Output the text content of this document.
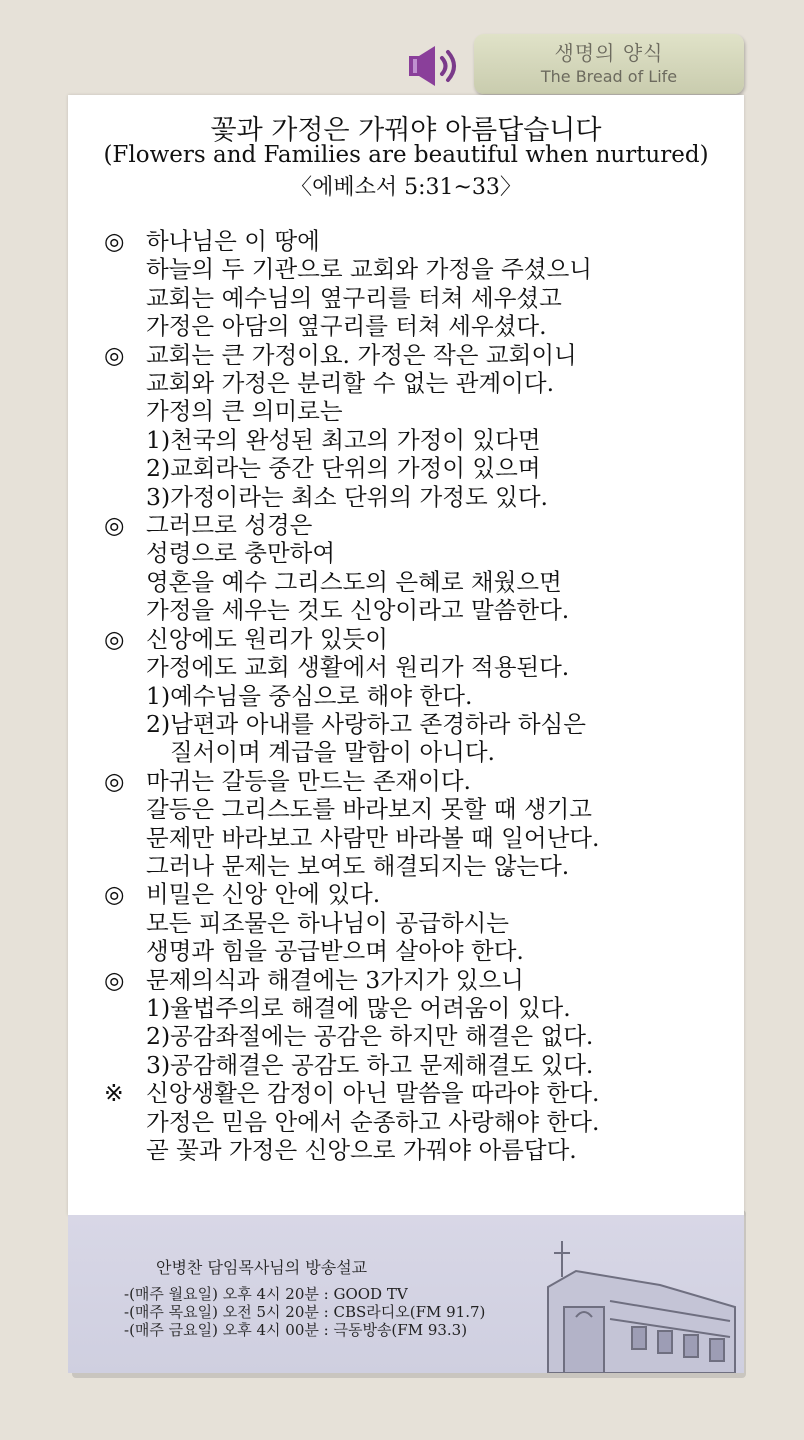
생명의 양식
The Bread of Life
꽃과 가정은 가꿔야 아름답습니다
(Flowers and Families are beautiful when nurtured)
〈에베소서 5:31~33〉
◎ 하나님은 이 땅에
하늘의 두 기관으로 교회와 가정을 주셨으니
교회는 예수님의 옆구리를 터쳐 세우셨고
가정은 아담의 옆구리를 터쳐 세우셨다.
◎ 교회는 큰 가정이요. 가정은 작은 교회이니
교회와 가정은 분리할 수 없는 관계이다.
가정의 큰 의미로는
1)천국의 완성된 최고의 가정이 있다면
2)교회라는 중간 단위의 가정이 있으며
3)가정이라는 최소 단위의 가정도 있다.
◎ 그러므로 성경은
성령으로 충만하여
영혼을 예수 그리스도의 은혜로 채웠으면
가정을 세우는 것도 신앙이라고 말씀한다.
◎ 신앙에도 원리가 있듯이
가정에도 교회 생활에서 원리가 적용된다.
1)예수님을 중심으로 해야 한다.
2)남편과 아내를 사랑하고 존경하라 하심은
질서이며 계급을 말함이 아니다.
◎ 마귀는 갈등을 만드는 존재이다.
갈등은 그리스도를 바라보지 못할 때 생기고
문제만 바라보고 사람만 바라볼 때 일어난다.
그러나 문제는 보여도 해결되지는 않는다.
◎ 비밀은 신앙 안에 있다.
모든 피조물은 하나님이 공급하시는
생명과 힘을 공급받으며 살아야 한다.
◎ 문제의식과 해결에는 3가지가 있으니
1)율법주의로 해결에 많은 어려움이 있다.
2)공감좌절에는 공감은 하지만 해결은 없다.
3)공감해결은 공감도 하고 문제해결도 있다.
※ 신앙생활은 감정이 아닌 말씀을 따라야 한다.
가정은 믿음 안에서 순종하고 사랑해야 한다.
곧 꽃과 가정은 신앙으로 가꿔야 아름답다.
안병찬 담임목사님의 방송설교
-(매주 월요일) 오후 4시 20분 : GOOD TV
-(매주 목요일) 오전 5시 20분 : CBS라디오(FM 91.7)
-(매주 금요일) 오후 4시 00분 : 극동방송(FM 93.3)
